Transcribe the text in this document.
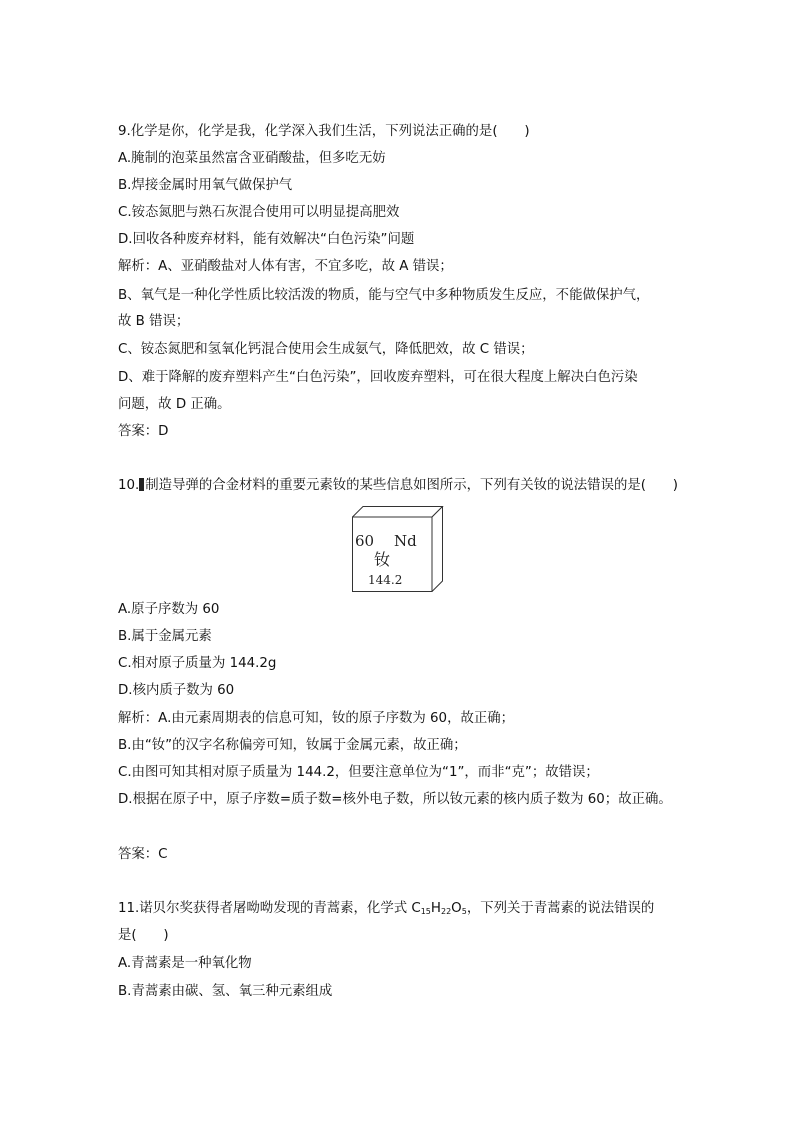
9.化学是你，化学是我，化学深入我们生活，下列说法正确的是(　　)
A.腌制的泡菜虽然富含亚硝酸盐，但多吃无妨
B.焊接金属时用氧气做保护气
C.铵态氮肥与熟石灰混合使用可以明显提高肥效
D.回收各种废弃材料，能有效解决“白色污染”问题
解析：A、亚硝酸盐对人体有害，不宜多吃，故 A 错误；
B、氧气是一种化学性质比较活泼的物质，能与空气中多种物质发生反应，不能做保护气，
故 B 错误；
C、铵态氮肥和氢氧化钙混合使用会生成氨气，降低肥效，故 C 错误；
D、难于降解的废弃塑料产生“白色污染”，回收废弃塑料，可在很大程度上解决白色污染
问题，故 D 正确。
答案：D
10. 制造导弹的合金材料的重要元素钕的某些信息如图所示，下列有关钕的说法错误的是(　　)
60 Nd
钕
144.2
A.原子序数为 60
B.属于金属元素
C.相对原子质量为 144.2g
D.核内质子数为 60
解析：A.由元素周期表的信息可知，钕的原子序数为 60，故正确；
B.由“钕”的汉字名称偏旁可知，钕属于金属元素，故正确；
C.由图可知其相对原子质量为 144.2，但要注意单位为“1”，而非“克”；故错误；
D.根据在原子中，原子序数=质子数=核外电子数，所以钕元素的核内质子数为 60；故正确。
答案：C
11.诺贝尔奖获得者屠呦呦发现的青蒿素，化学式 $C_{15}H_{22}O_5$，下列关于青蒿素的说法错误的
是(　　)
A.青蒿素是一种氧化物
B.青蒿素由碳、氢、氧三种元素组成
